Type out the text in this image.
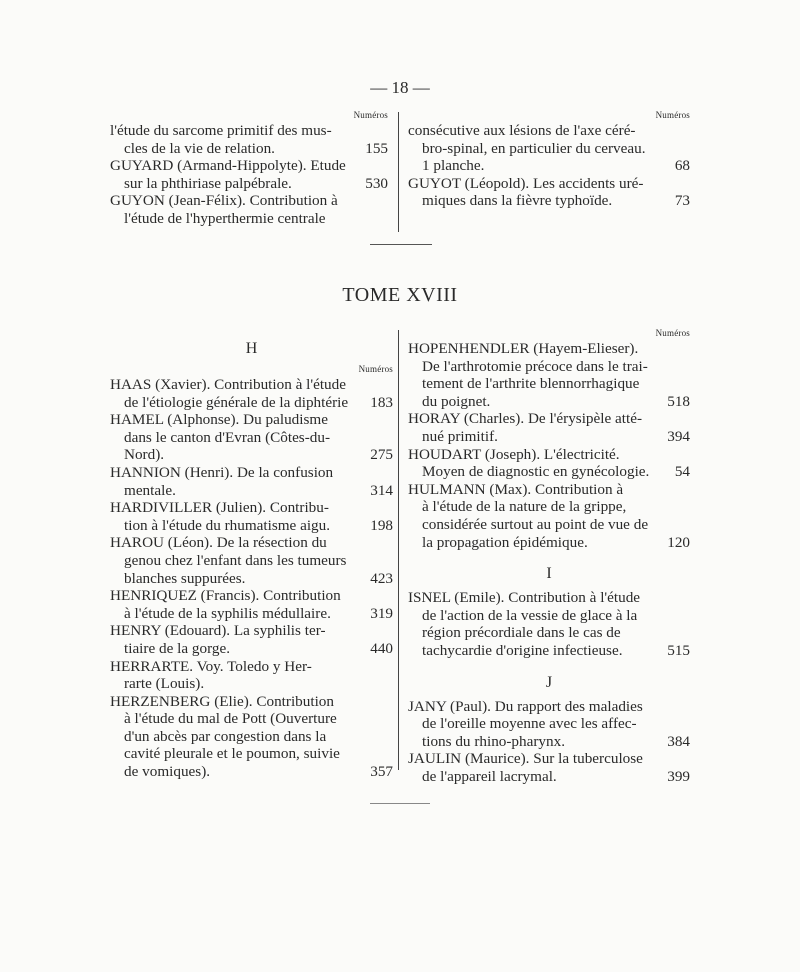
— 18 —
Numéros
l'étude du sarcome primitif des mus-
155
cles de la vie de relation.
GUYARD (Armand-Hippolyte). Etude
530
sur la phthiriase palpébrale.
GUYON (Jean-Félix). Contribution à
l'étude de l'hyperthermie centrale
Numéros
consécutive aux lésions de l'axe céré-
bro-spinal, en particulier du cerveau.
68
1 planche.
GUYOT (Léopold). Les accidents uré-
73
miques dans la fièvre typhoïde.
TOME XVIII
H
Numéros
HAAS (Xavier). Contribution à l'étude
183
de l'étiologie générale de la diphtérie
HAMEL (Alphonse). Du paludisme
dans le canton d'Evran (Côtes-du-
275
Nord).
HANNION (Henri). De la confusion
314
mentale.
HARDIVILLER (Julien). Contribu-
198
tion à l'étude du rhumatisme aigu.
HAROU (Léon). De la résection du
genou chez l'enfant dans les tumeurs
423
blanches suppurées.
HENRIQUEZ (Francis). Contribution
319
à l'étude de la syphilis médullaire.
HENRY (Edouard). La syphilis ter-
440
tiaire de la gorge.
HERRARTE. Voy. Toledo y Her-
rarte (Louis).
HERZENBERG (Elie). Contribution
à l'étude du mal de Pott (Ouverture
d'un abcès par congestion dans la
cavité pleurale et le poumon, suivie
357
de vomiques).
Numéros
HOPENHENDLER (Hayem-Elieser).
De l'arthrotomie précoce dans le trai-
tement de l'arthrite blennorrhagique
518
du poignet.
HORAY (Charles). De l'érysipèle atté-
394
nué primitif.
HOUDART (Joseph). L'électricité.
54
Moyen de diagnostic en gynécologie.
HULMANN (Max). Contribution à
à l'étude de la nature de la grippe,
considérée surtout au point de vue de
120
la propagation épidémique.
I
ISNEL (Emile). Contribution à l'étude
de l'action de la vessie de glace à la
région précordiale dans le cas de
515
tachycardie d'origine infectieuse.
J
JANY (Paul). Du rapport des maladies
de l'oreille moyenne avec les affec-
384
tions du rhino-pharynx.
JAULIN (Maurice). Sur la tuberculose
399
de l'appareil lacrymal.
